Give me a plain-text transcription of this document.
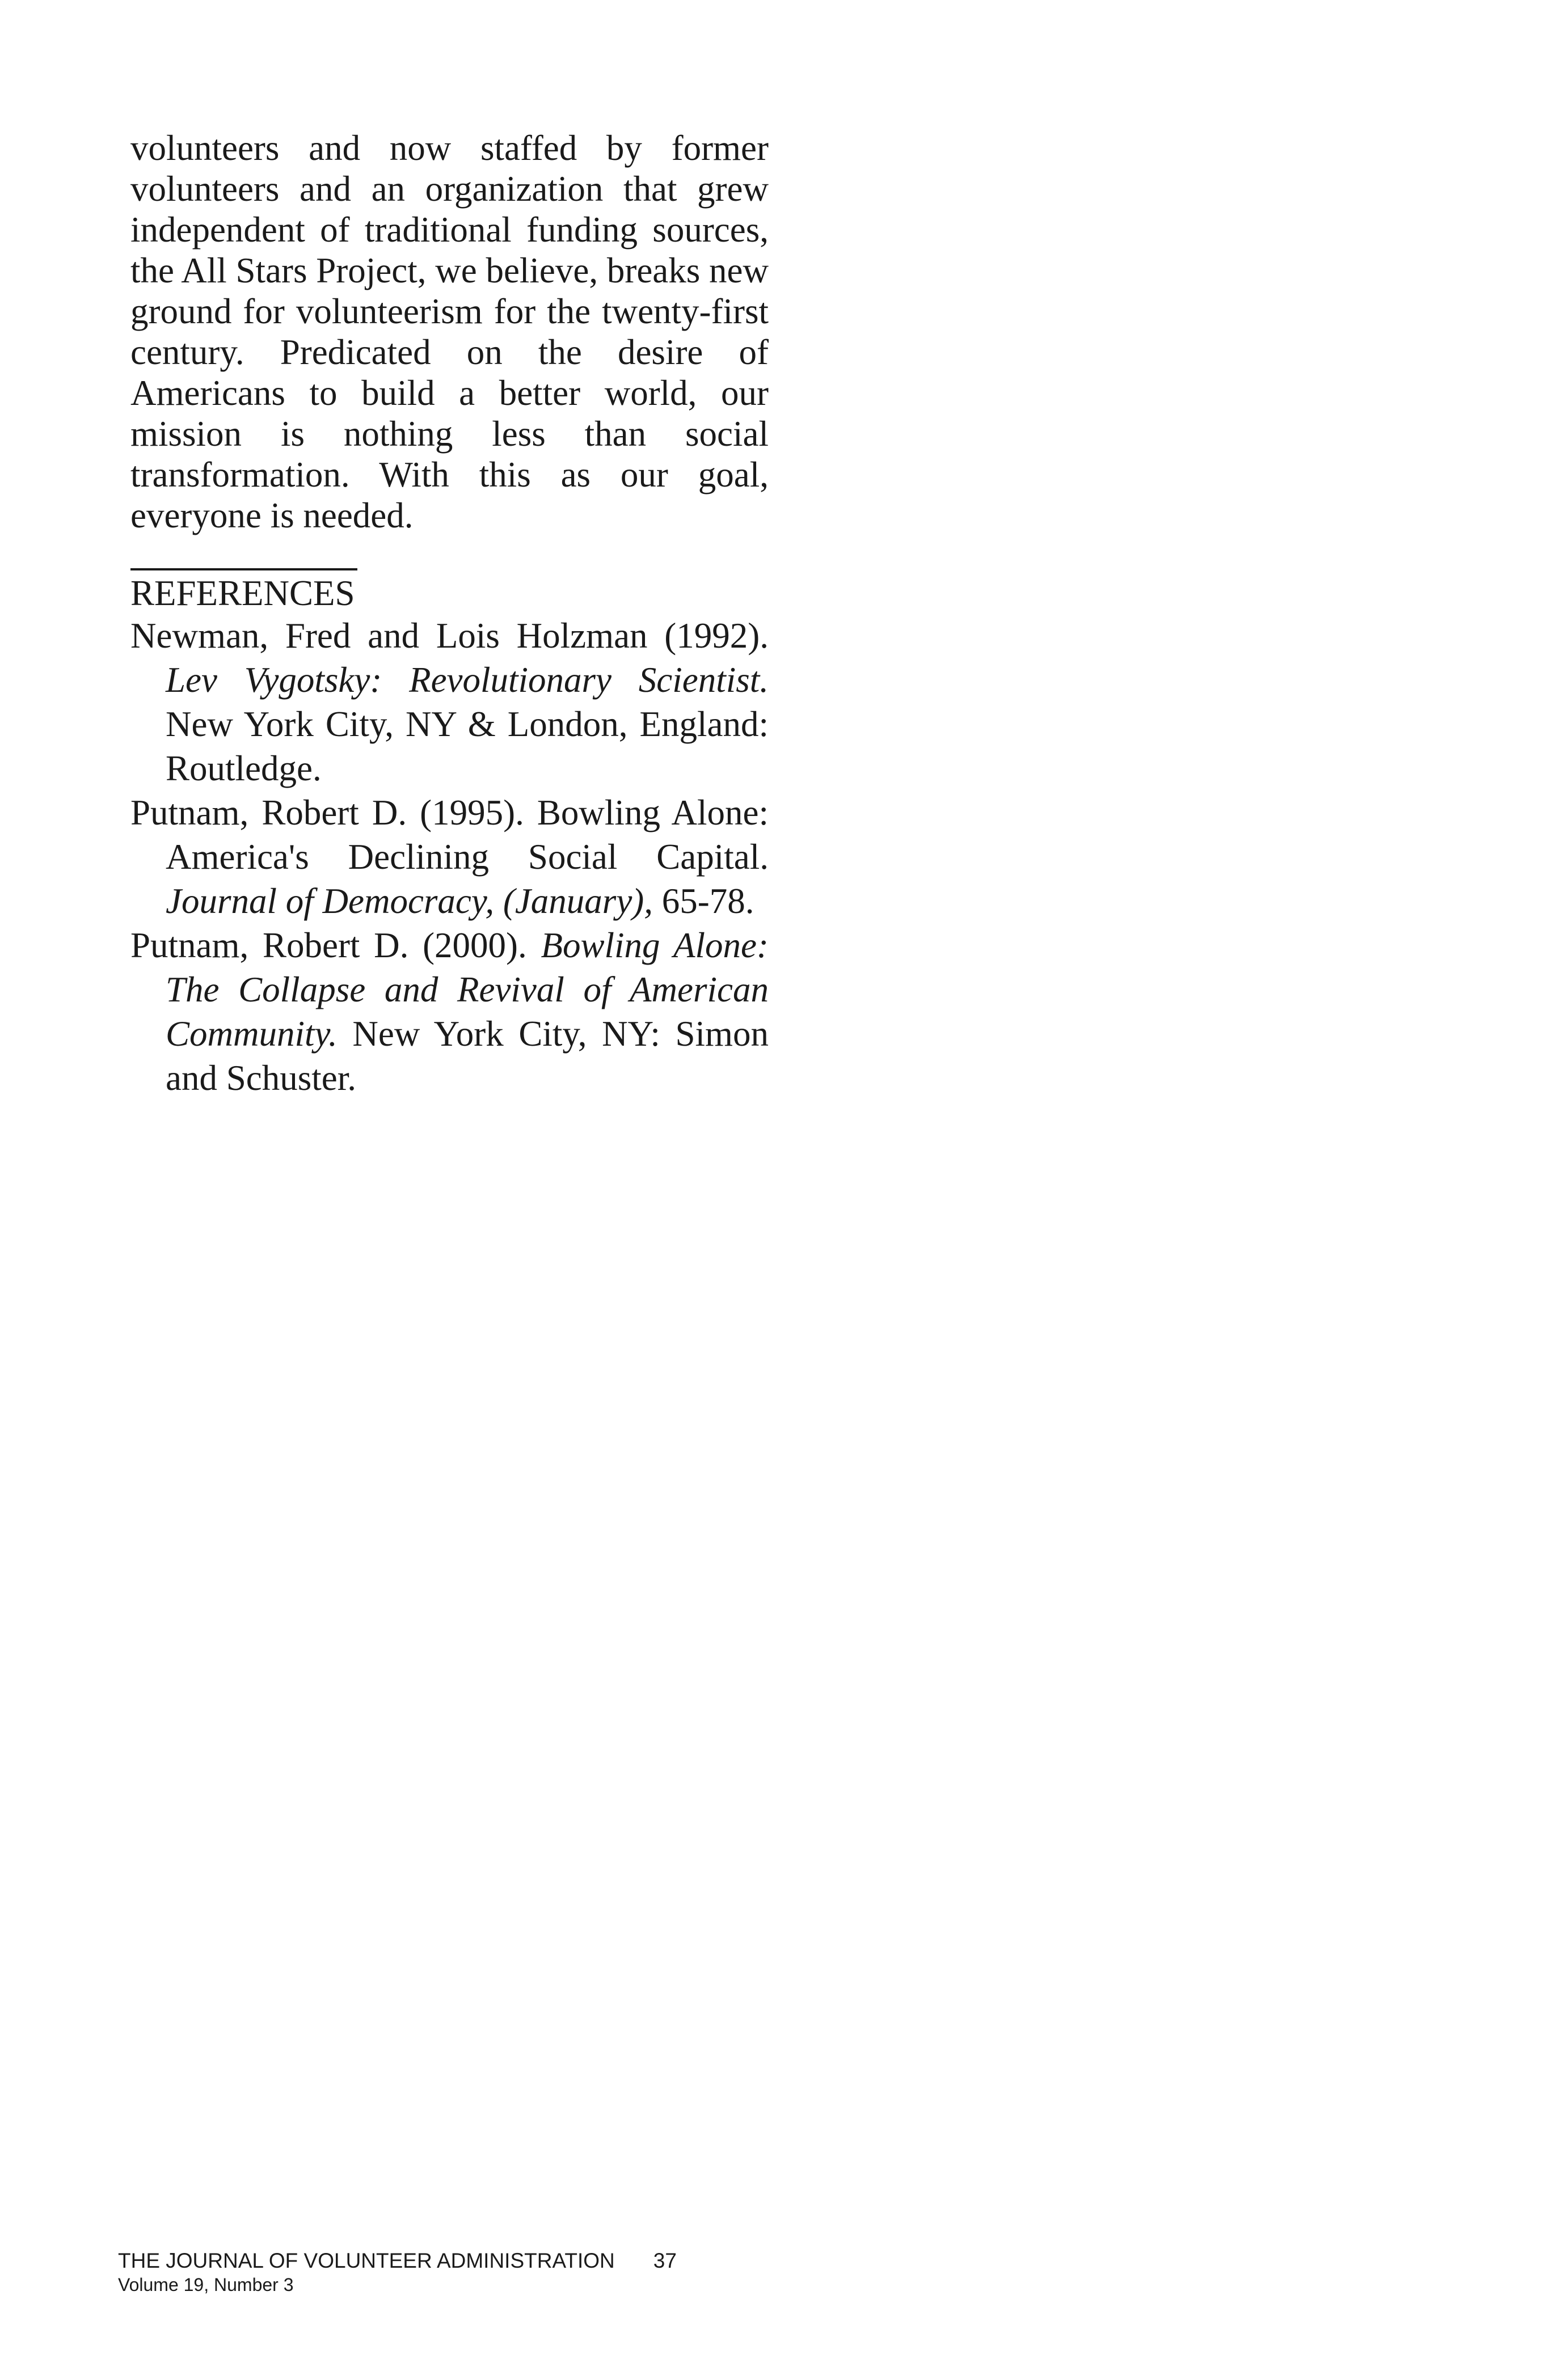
volunteers and now staffed by former volunteers and an organization that grew independent of traditional funding sources, the All Stars Project, we believe, breaks new ground for volunteerism for the twenty-first century. Predicated on the desire of Americans to build a better world, our mission is nothing less than social transformation. With this as our goal, everyone is needed.

REFERENCES

Newman, Fred and Lois Holzman (1992). Lev Vygotsky: Revolutionary Scientist. New York City, NY & London, England: Routledge.

Putnam, Robert D. (1995). Bowling Alone: America's Declining Social Capital. Journal of Democracy, (January), 65-78.

Putnam, Robert D. (2000). Bowling Alone: The Collapse and Revival of American Community. New York City, NY: Simon and Schuster.

THE JOURNAL OF VOLUNTEER ADMINISTRATION 37
Volume 19, Number 3
